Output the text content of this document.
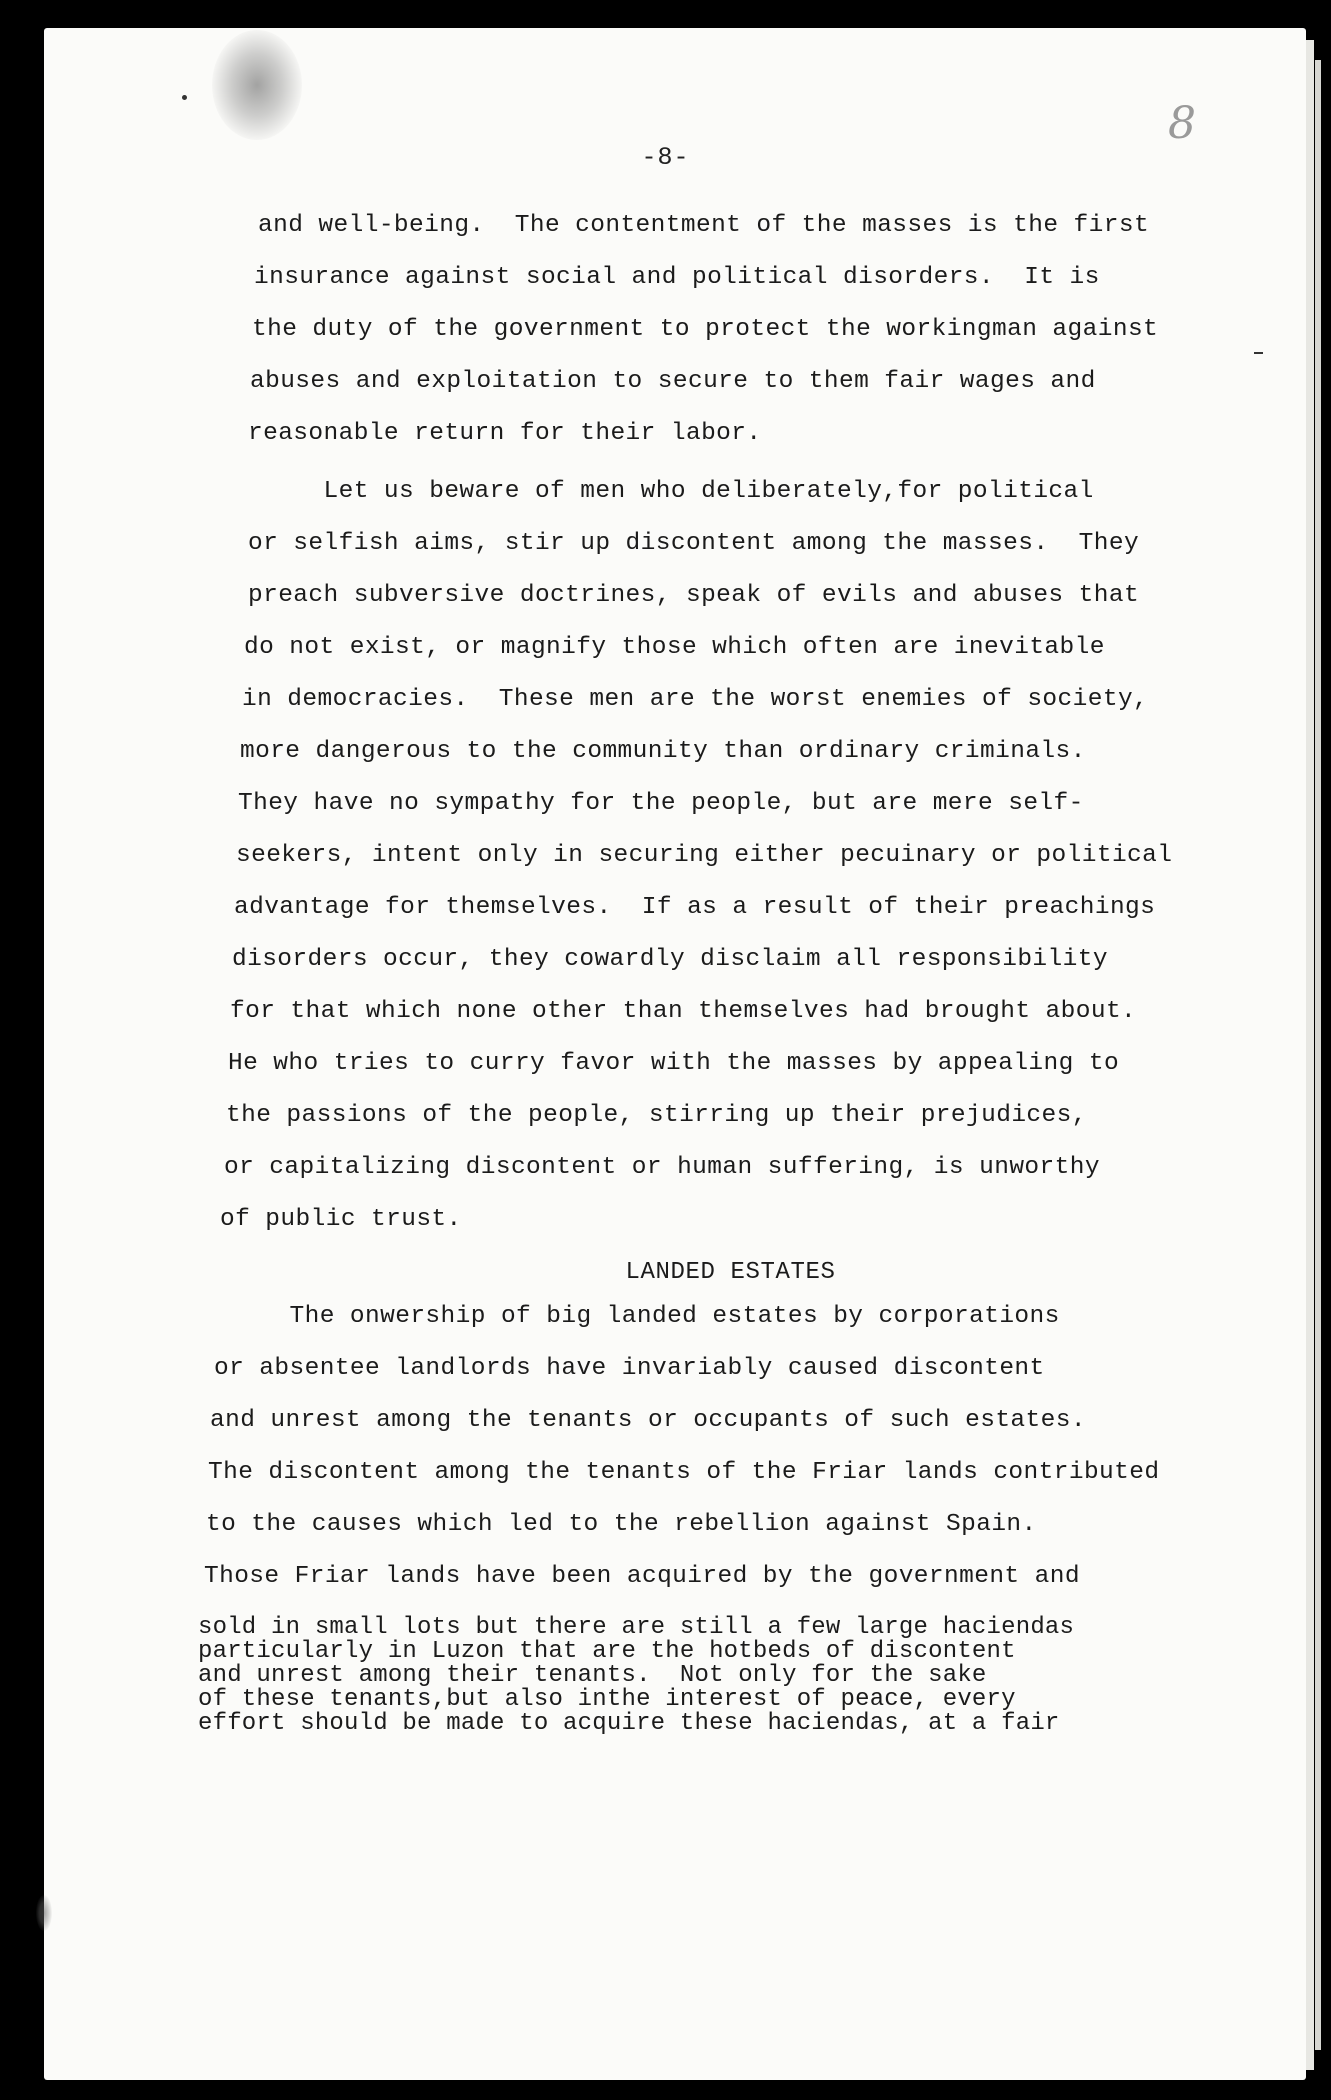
8
-8-
and well-being.  The contentment of the masses is the first
insurance against social and political disorders.  It is
the duty of the government to protect the workingman against
abuses and exploitation to secure to them fair wages and
reasonable return for their labor.
Let us beware of men who deliberately,for political
or selfish aims, stir up discontent among the masses.  They
preach subversive doctrines, speak of evils and abuses that
do not exist, or magnify those which often are inevitable
in democracies.  These men are the worst enemies of society,
more dangerous to the community than ordinary criminals.
They have no sympathy for the people, but are mere self-
seekers, intent only in securing either pecuinary or political
advantage for themselves.  If as a result of their preachings
disorders occur, they cowardly disclaim all responsibility
for that which none other than themselves had brought about.
He who tries to curry favor with the masses by appealing to
the passions of the people, stirring up their prejudices,
or capitalizing discontent or human suffering, is unworthy
of public trust.
LANDED ESTATES
The onwership of big landed estates by corporations
or absentee landlords have invariably caused discontent
and unrest among the tenants or occupants of such estates.
The discontent among the tenants of the Friar lands contributed
to the causes which led to the rebellion against Spain.
Those Friar lands have been acquired by the government and
sold in small lots but there are still a few large haciendas
particularly in Luzon that are the hotbeds of discontent
and unrest among their tenants.  Not only for the sake
of these tenants,but also inthe interest of peace, every
effort should be made to acquire these haciendas, at a fair
